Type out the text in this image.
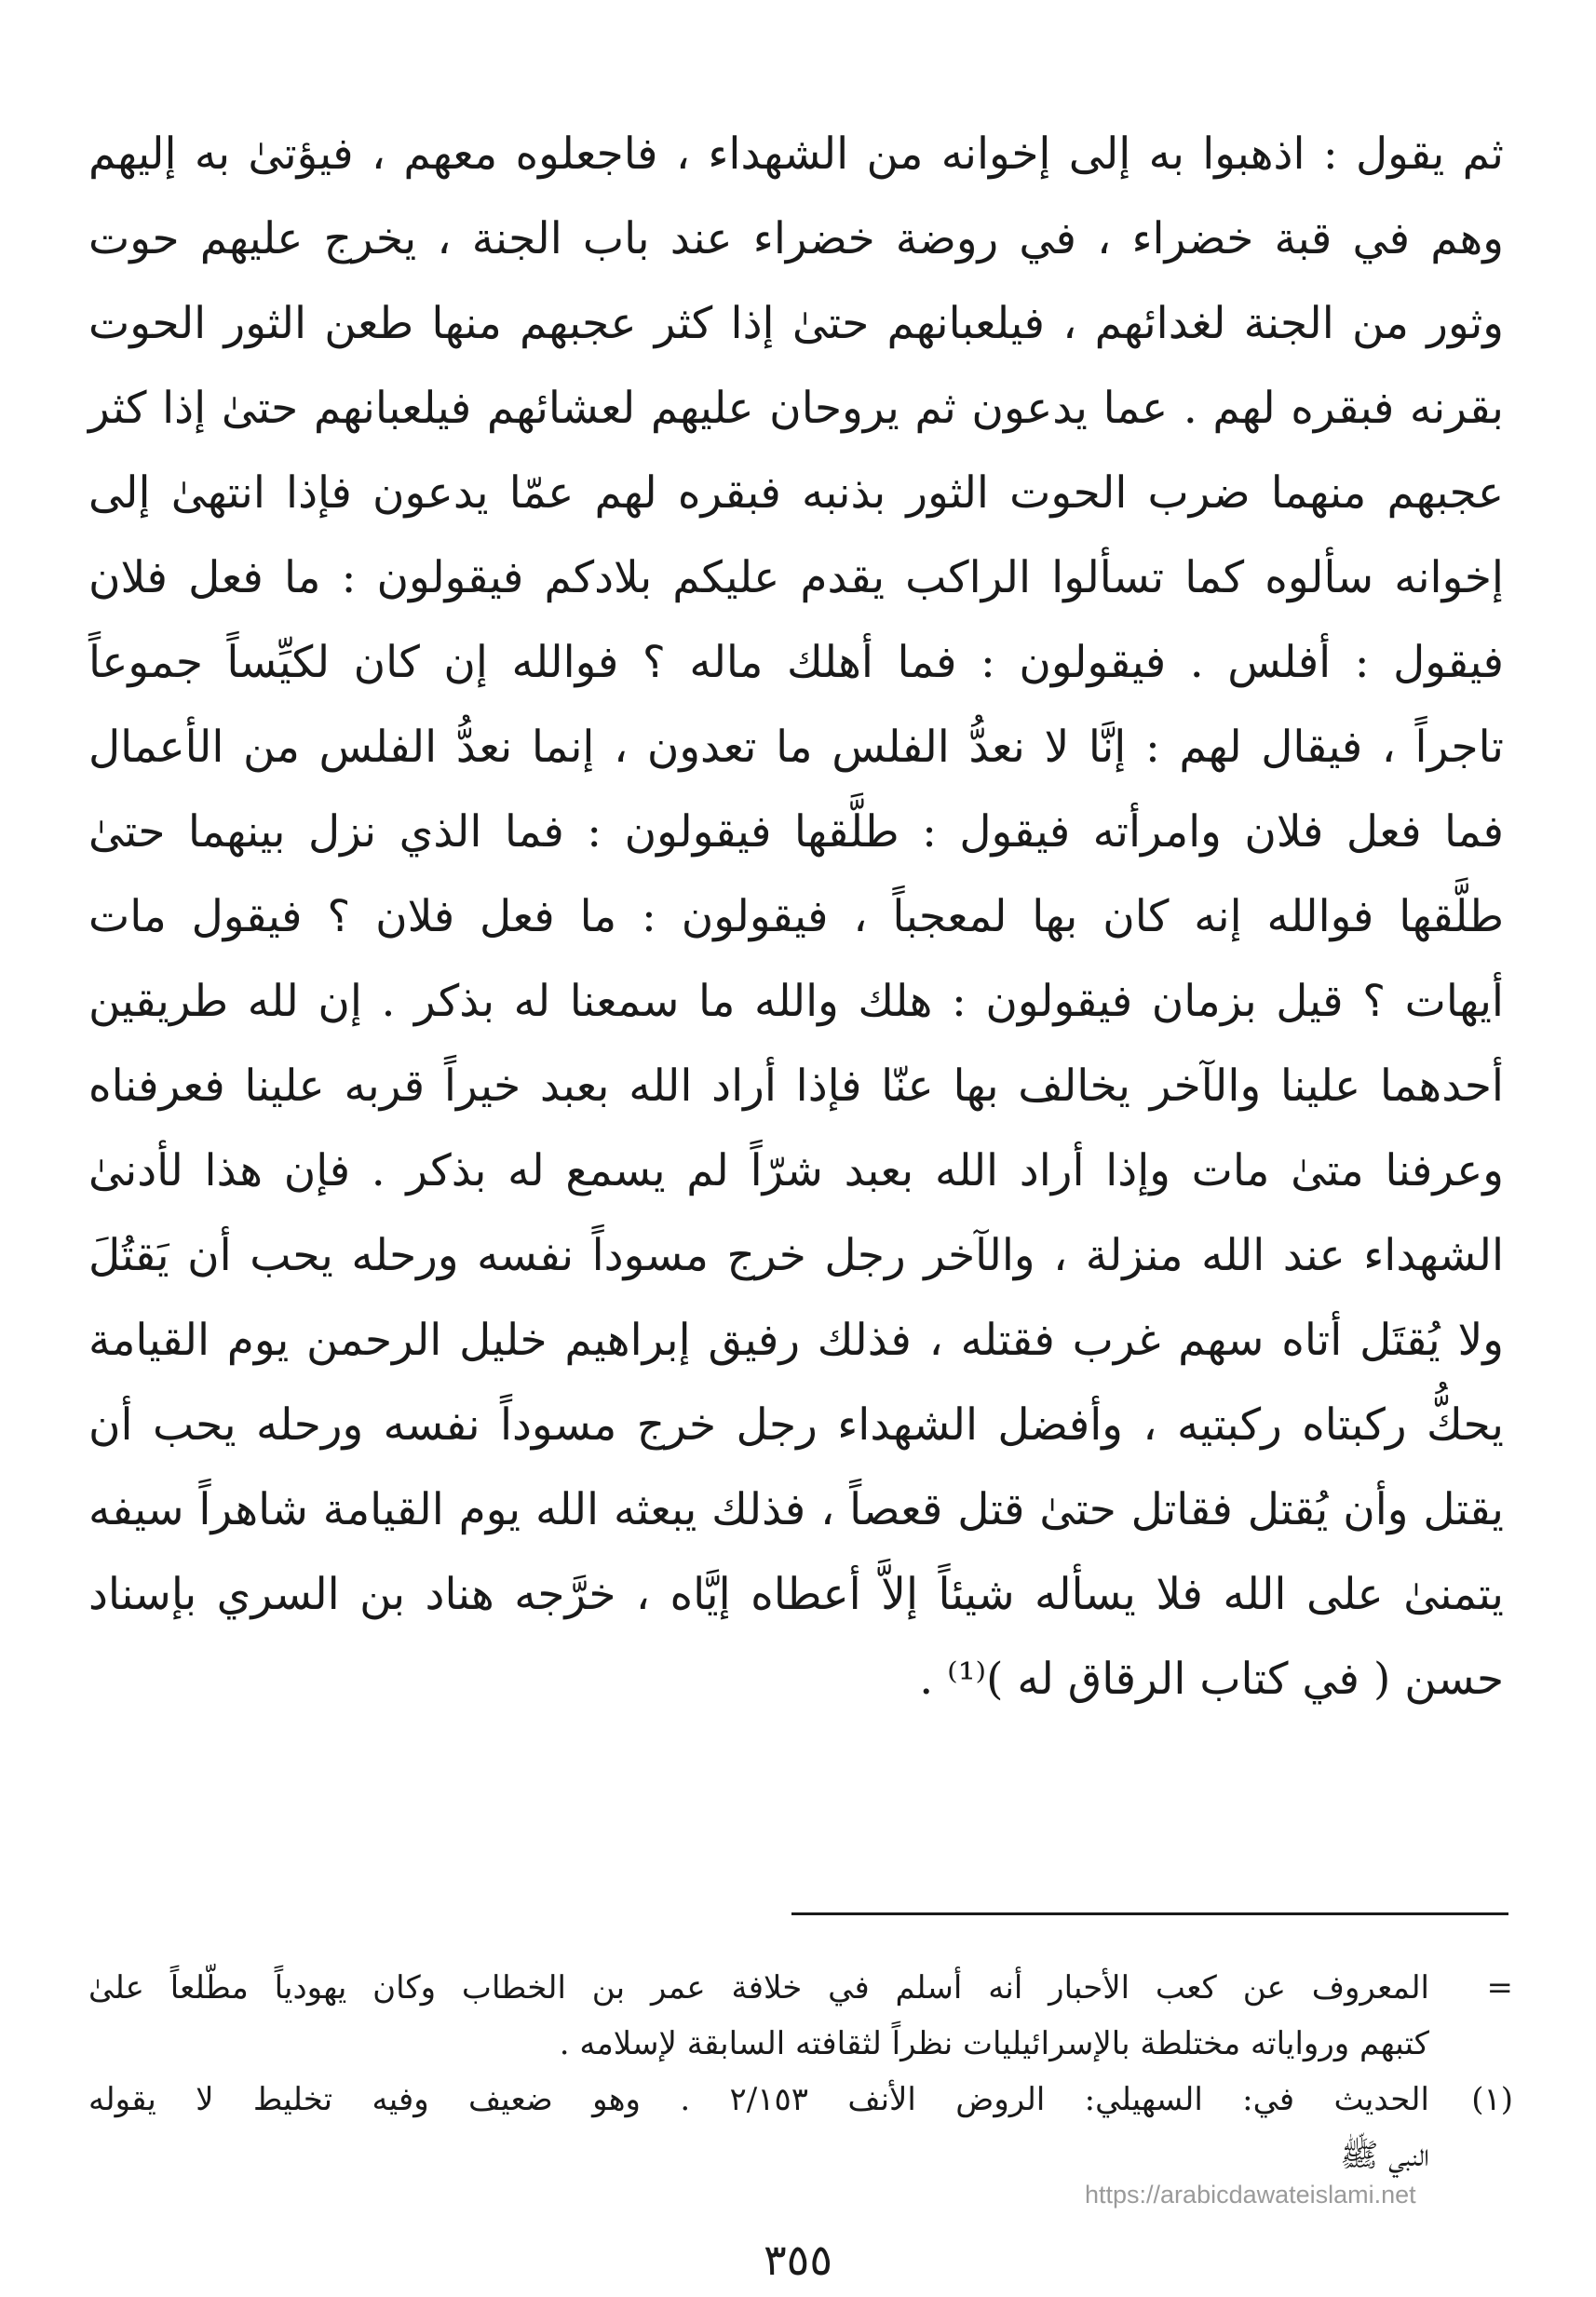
ثم يقول : اذهبوا به إلى إخوانه من الشهداء ، فاجعلوه معهم ، فيؤتىٰ به إليهم
وهم في قبة خضراء ، في روضة خضراء عند باب الجنة ، يخرج عليهم حوت
وثور من الجنة لغدائهم ، فيلعبانهم حتىٰ إذا كثر عجبهم منها طعن الثور الحوت
بقرنه فبقره لهم . عما يدعون ثم يروحان عليهم لعشائهم فيلعبانهم حتىٰ إذا كثر
عجبهم منهما ضرب الحوت الثور بذنبه فبقره لهم عمّا يدعون فإذا انتهىٰ إلى
إخوانه سألوه كما تسألوا الراكب يقدم عليكم بلادكم فيقولون : ما فعل فلان
فيقول : أفلس . فيقولون : فما أهلك ماله ؟ فوالله إن كان لكيِّساً جموعاً
تاجراً ، فيقال لهم : إنَّا لا نعدُّ الفلس ما تعدون ، إنما نعدُّ الفلس من الأعمال
فما فعل فلان وامرأته فيقول : طلَّقها فيقولون : فما الذي نزل بينهما حتىٰ
طلَّقها فوالله إنه كان بها لمعجباً ، فيقولون : ما فعل فلان ؟ فيقول مات
أيهات ؟ قيل بزمان فيقولون : هلك والله ما سمعنا له بذكر . إن لله طريقين
أحدهما علينا والآخر يخالف بها عنّا فإذا أراد الله بعبد خيراً قربه علينا فعرفناه
وعرفنا متىٰ مات وإذا أراد الله بعبد شرّاً لم يسمع له بذكر . فإن هذا لأدنىٰ
الشهداء عند الله منزلة ، والآخر رجل خرج مسوداً نفسه ورحله يحب أن يَقتُلَ
ولا يُقتَل أتاه سهم غرب فقتله ، فذلك رفيق إبراهيم خليل الرحمن يوم القيامة
يحكُّ ركبتاه ركبتيه ، وأفضل الشهداء رجل خرج مسوداً نفسه ورحله يحب أن
يقتل وأن يُقتل فقاتل حتىٰ قتل قعصاً ، فذلك يبعثه الله يوم القيامة شاهراً سيفه
يتمنىٰ على الله فلا يسأله شيئاً إلاَّ أعطاه إيَّاه ، خرَّجه هناد بن السري بإسناد
حسن ( في كتاب الرقاق له )⁽¹⁾ .
=
المعروف عن كعب الأحبار أنه أسلم في خلافة عمر بن الخطاب وكان يهودياً مطّلعاً علىٰ
كتبهم ورواياته مختلطة بالإسرائيليات نظراً لثقافته السابقة لإسلامه .
(١)
الحديث في: السهيلي: الروض الأنف ٢/١٥٣ . وهو ضعيف وفيه تخليط لا يقوله
النبي ﷺ
https://arabicdawateislami.net
٣٥٥
